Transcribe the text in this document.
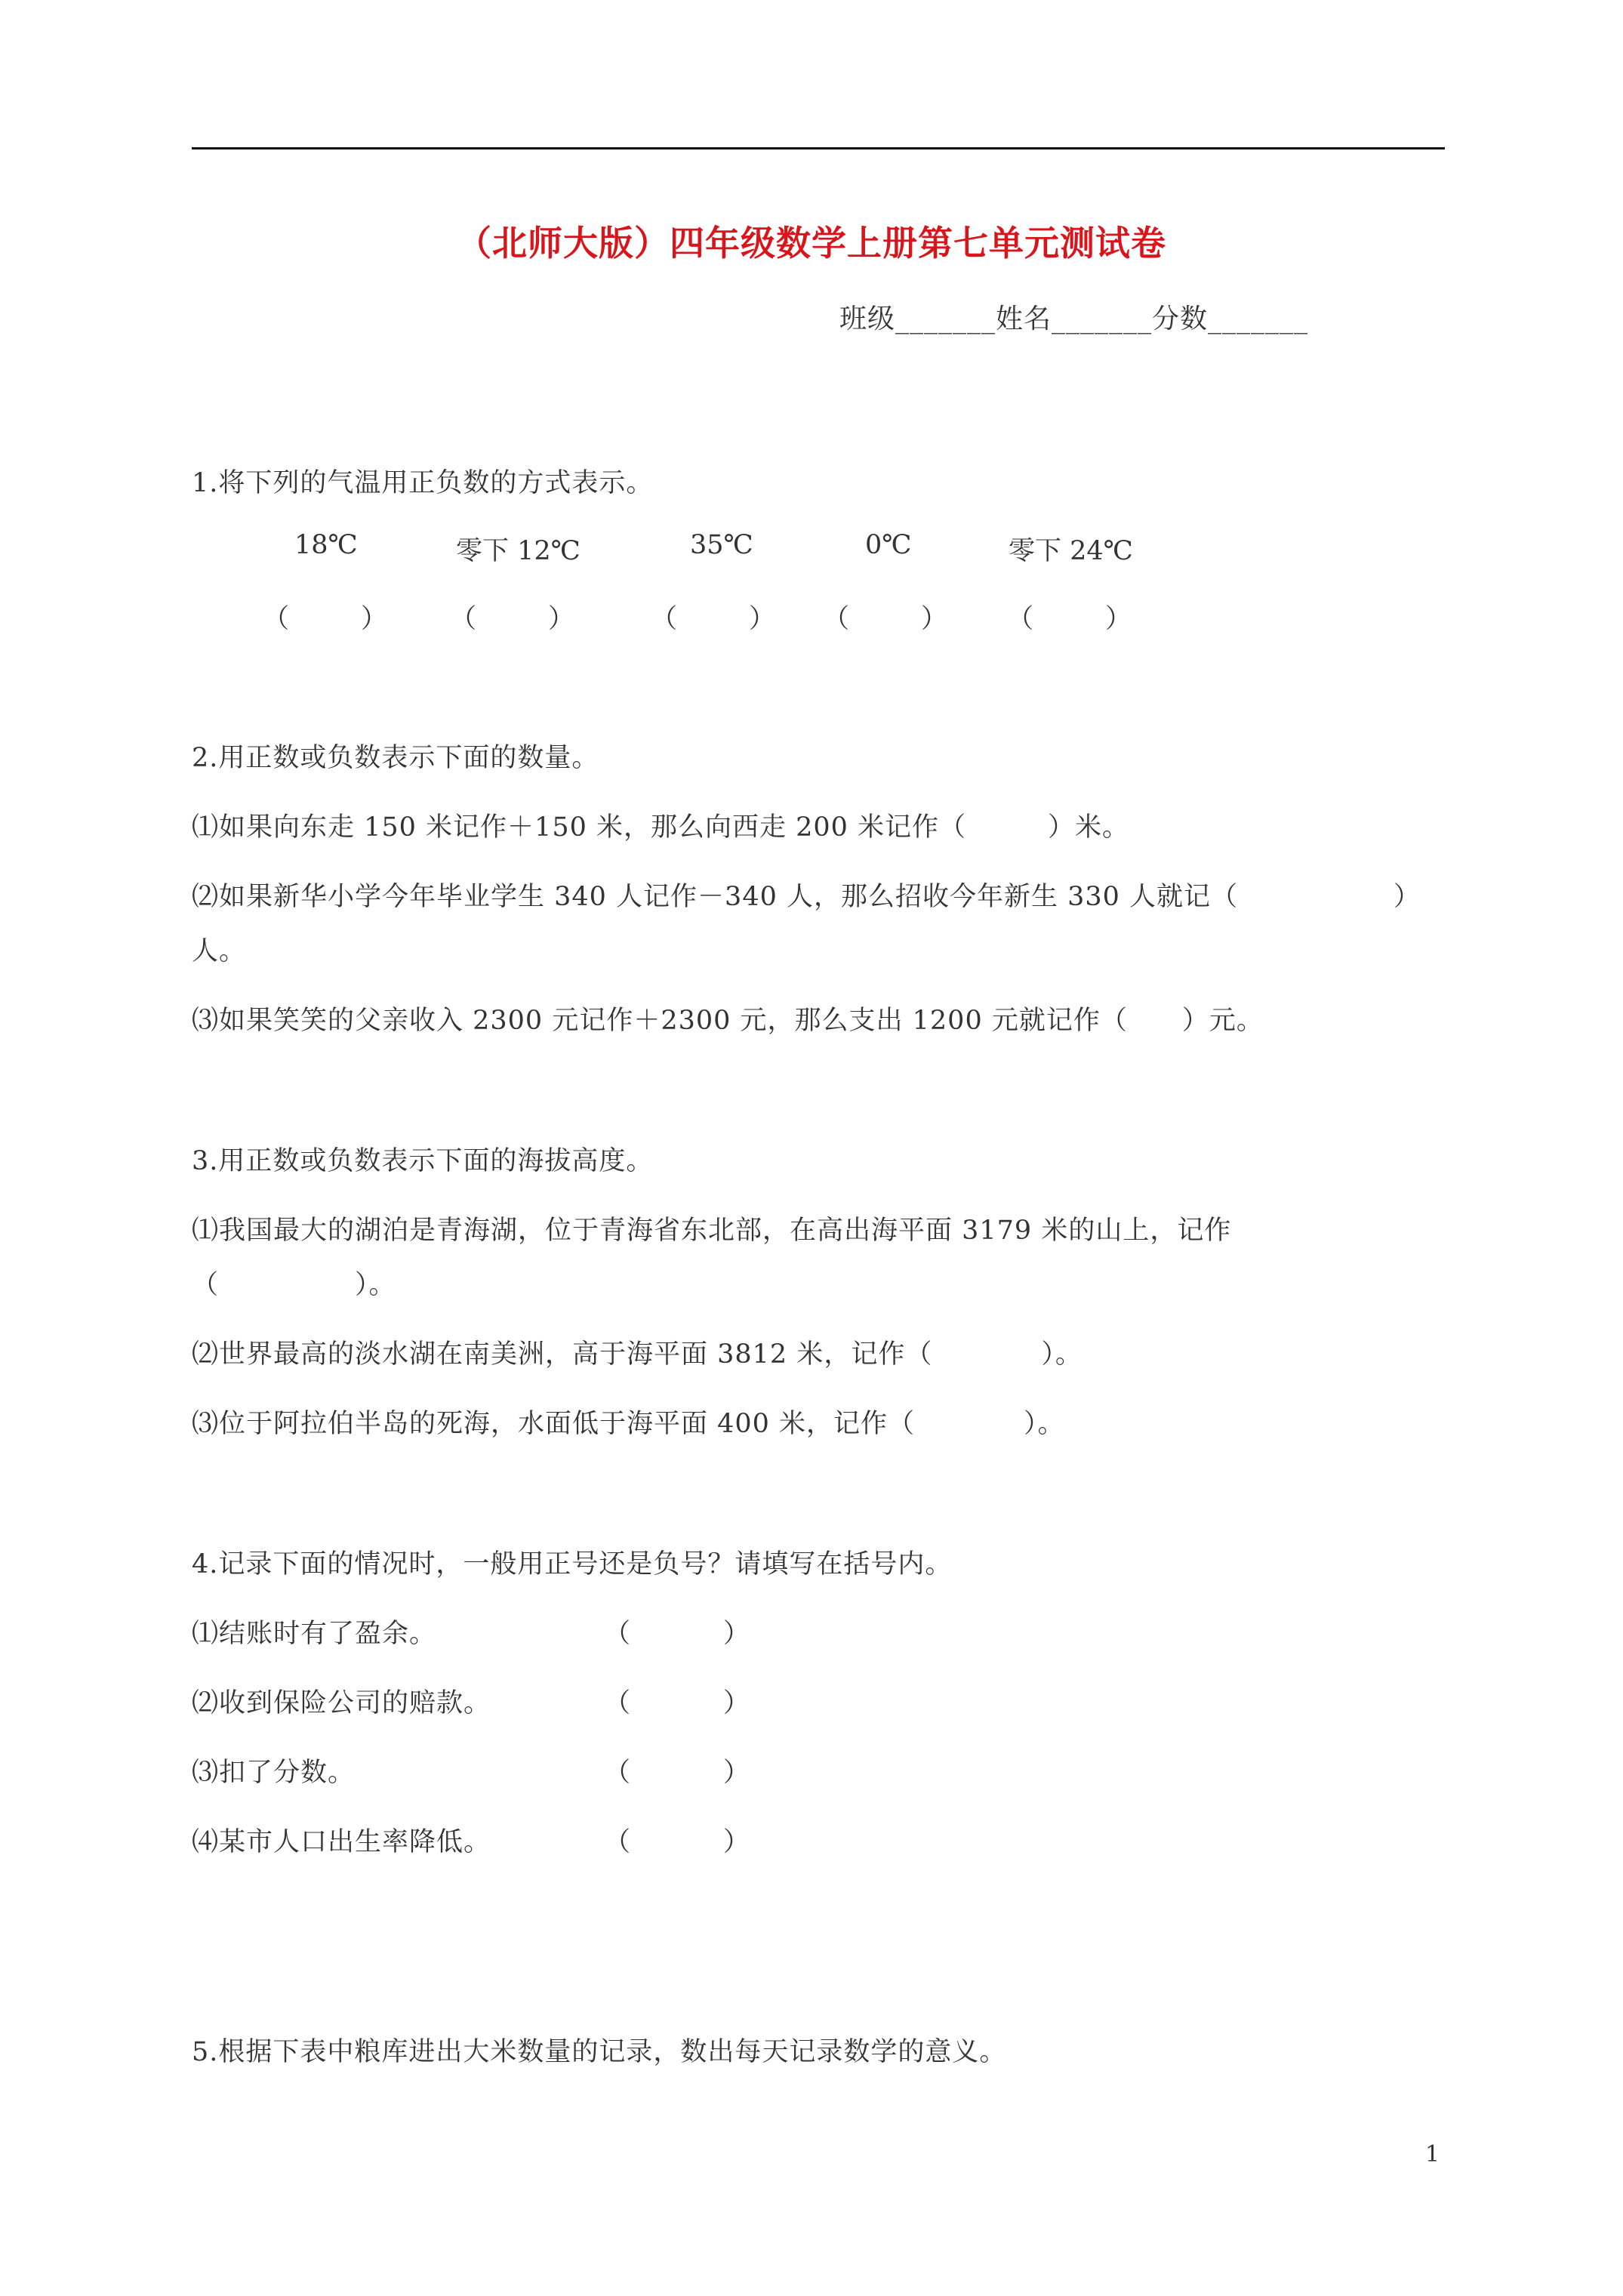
（北师大版）四年级数学上册第七单元测试卷
班级_______姓名_______分数_______
1.将下列的气温用正负数的方式表示。
18℃	零下 12℃	35℃	0℃	零下 24℃
（	） （	）	（	） （	） （	）
2.用正数或负数表示下面的数量。
⑴如果向东走 150 米记作＋150 米，那么向西走 200 米记作（　　　）米。
⑵如果新华小学今年毕业学生 340 人记作－340 人，那么招收今年新生 330 人就记（	）
人。
⑶如果笑笑的父亲收入 2300 元记作＋2300 元，那么支出 1200 元就记作（　　）元。
3.用正数或负数表示下面的海拔高度。
⑴我国最大的湖泊是青海湖，位于青海省东北部，在高出海平面 3179 米的山上，记作
（　　　　　）。
⑵世界最高的淡水湖在南美洲，高于海平面 3812 米，记作（　　　　）。
⑶位于阿拉伯半岛的死海，水面低于海平面 400 米，记作（　　　　）。
4.记录下面的情况时，一般用正号还是负号？请填写在括号内。
⑴结账时有了盈余。	（	）
⑵收到保险公司的赔款。	（	）
⑶扣了分数。	（	）
⑷某市人口出生率降低。	（	）
5.根据下表中粮库进出大米数量的记录，数出每天记录数学的意义。
1
